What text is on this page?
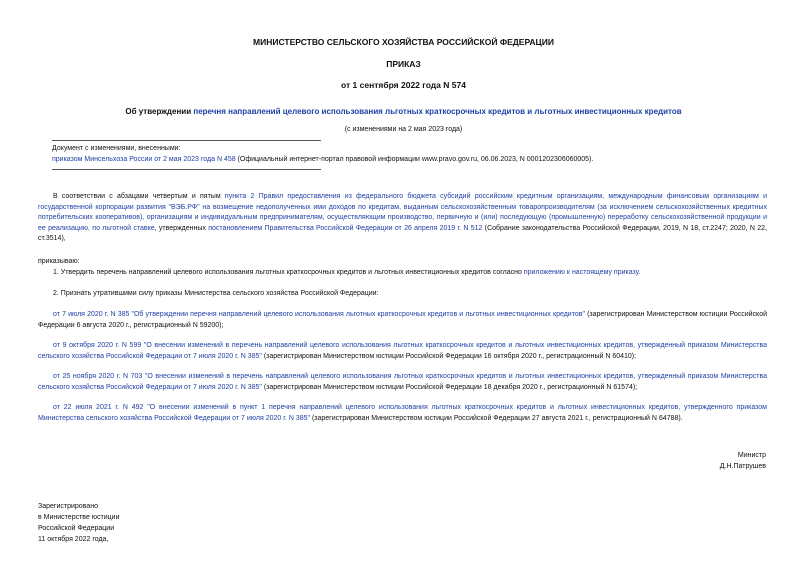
МИНИСТЕРСТВО СЕЛЬСКОГО ХОЗЯЙСТВА РОССИЙСКОЙ ФЕДЕРАЦИИ
ПРИКАЗ
от 1 сентября 2022 года N 574
Об утверждении перечня направлений целевого использования льготных краткосрочных кредитов и льготных инвестиционных кредитов
(с изменениями на 2 мая 2023 года)
Документ с изменениями, внесенными:
приказом Минсельхоза России от 2 мая 2023 года N 458 (Официальный интернет-портал правовой информации www.pravo.gov.ru, 06.06.2023, N 0001202306060005).
В соответствии с абзацами четвертым и пятым пункта 2 Правил предоставления из федерального бюджета субсидий российским кредитным организациям, международным финансовым организациям и государственной корпорации развития "ВЭБ.РФ" на возмещение недополученных ими доходов по кредитам, выданным сельскохозяйственным товаропроизводителям (за исключением сельскохозяйственных кредитных потребительских кооперативов), организациям и индивидуальным предпринимателям, осуществляющим производство, первичную и (или) последующую (промышленную) переработку сельскохозяйственной продукции и ее реализацию, по льготной ставке, утвержденных постановлением Правительства Российской Федерации от 26 апреля 2019 г. N 512 (Собрание законодательства Российской Федерации, 2019, N 18, ст.2247; 2020, N 22, ст.3514),
приказываю:
1. Утвердить перечень направлений целевого использования льготных краткосрочных кредитов и льготных инвестиционных кредитов согласно приложению к настоящему приказу.
2. Признать утратившими силу приказы Министерства сельского хозяйства Российской Федерации:
от 7 июля 2020 г. N 385 "Об утверждении перечня направлений целевого использования льготных краткосрочных кредитов и льготных инвестиционных кредитов" (зарегистрирован Министерством юстиции Российской Федерации 6 августа 2020 г., регистрационный N 59200);
от 9 октября 2020 г. N 599 "О внесении изменений в перечень направлений целевого использования льготных краткосрочных кредитов и льготных инвестиционных кредитов, утвержденный приказом Министерства сельского хозяйства Российской Федерации от 7 июля 2020 г. N 385" (зарегистрирован Министерством юстиции Российской Федерации 16 октября 2020 г., регистрационный N 60410);
от 25 ноября 2020 г. N 703 "О внесении изменений в перечень направлений целевого использования льготных краткосрочных кредитов и льготных инвестиционных кредитов, утвержденный приказом Министерства сельского хозяйства Российской Федерации от 7 июля 2020 г. N 385" (зарегистрирован Министерством юстиции Российской Федерации 18 декабря 2020 г., регистрационный N 61574);
от 22 июля 2021 г. N 492 "О внесении изменений в пункт 1 перечня направлений целевого использования льготных краткосрочных кредитов и льготных инвестиционных кредитов, утвержденного приказом Министерства сельского хозяйства Российской Федерации от 7 июля 2020 г. N 385" (зарегистрирован Министерством юстиции Российской Федерации 27 августа 2021 г., регистрационный N 64788).
Министр
Д.Н.Патрушев
Зарегистрировано
в Министерстве юстиции
Российской Федерации
11 октября 2022 года,
